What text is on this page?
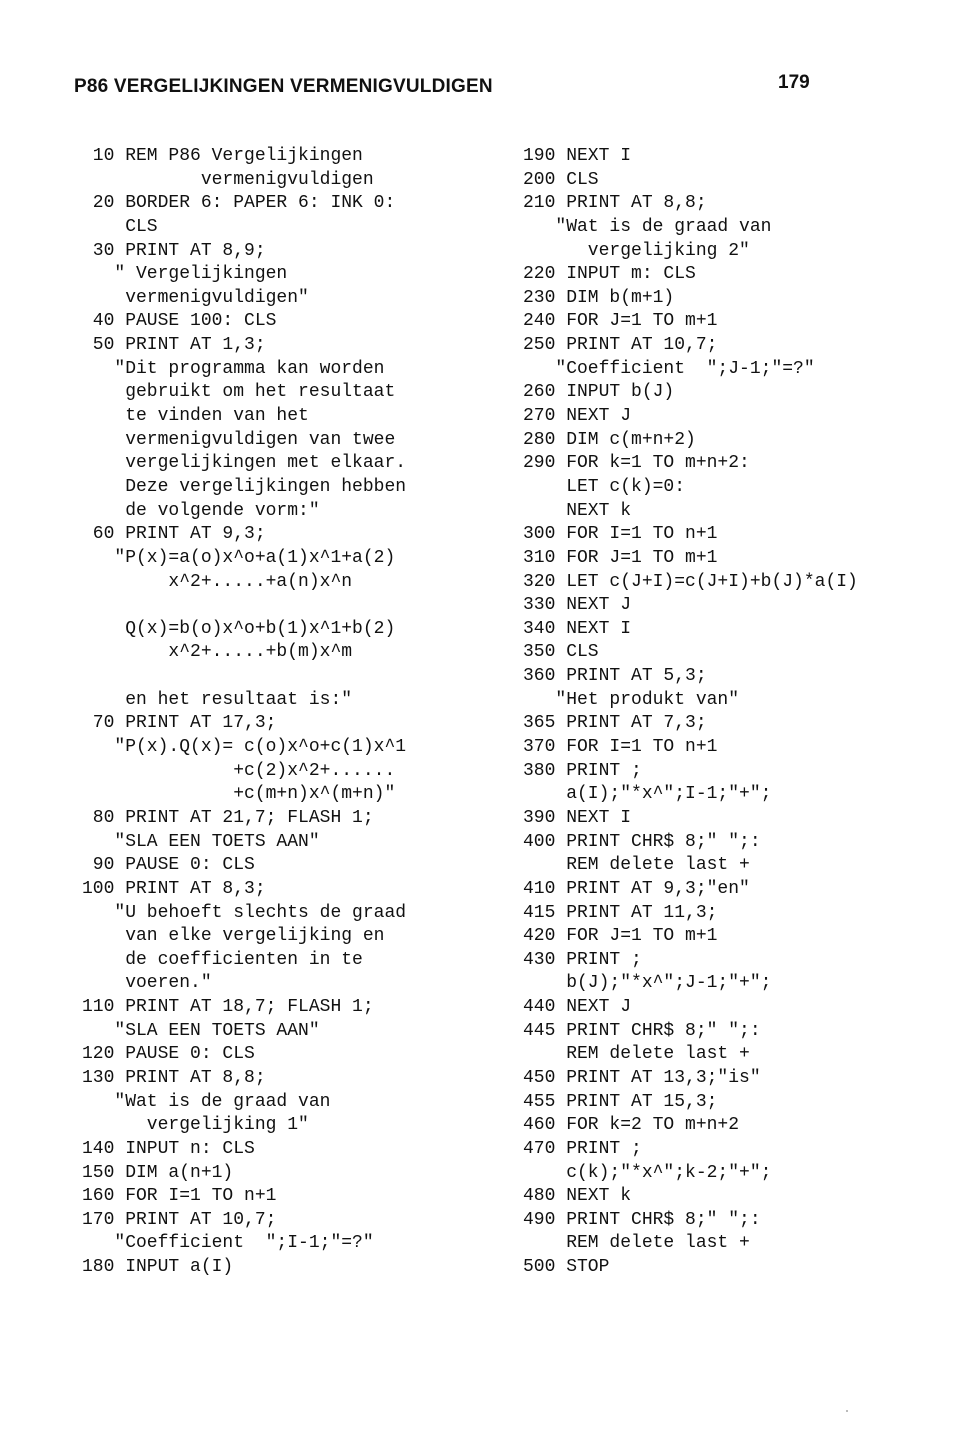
P86 VERGELIJKINGEN VERMENIGVULDIGEN	179
10 REM P86 Vergelijkingen
vermenigvuldigen
20 BORDER 6: PAPER 6: INK 0:
CLS
30 PRINT AT 8,9;
" Vergelijkingen
vermenigvuldigen"
40 PAUSE 100: CLS
50 PRINT AT 1,3;
"Dit programma kan worden
gebruikt om het resultaat
te vinden van het
vermenigvuldigen van twee
vergelijkingen met elkaar.
Deze vergelijkingen hebben
de volgende vorm:"
60 PRINT AT 9,3;
"P(x)=a(o)x^o+a(1)x^1+a(2)
x^2+.....+a(n)x^n
Q(x)=b(o)x^o+b(1)x^1+b(2)
x^2+.....+b(m)x^m
en het resultaat is:"
70 PRINT AT 17,3;
"P(x).Q(x)= c(o)x^o+c(1)x^1
+c(2)x^2+......
+c(m+n)x^(m+n)"
80 PRINT AT 21,7; FLASH 1;
"SLA EEN TOETS AAN"
90 PAUSE 0: CLS
100 PRINT AT 8,3;
"U behoeft slechts de graad
van elke vergelijking en
de coefficienten in te
voeren."
110 PRINT AT 18,7; FLASH 1;
"SLA EEN TOETS AAN"
120 PAUSE 0: CLS
130 PRINT AT 8,8;
"Wat is de graad van
vergelijking 1"
140 INPUT n: CLS
150 DIM a(n+1)
160 FOR I=1 TO n+1
170 PRINT AT 10,7;
"Coefficient  ";I-1;"=?"
180 INPUT a(I)
190 NEXT I
200 CLS
210 PRINT AT 8,8;
"Wat is de graad van
vergelijking 2"
220 INPUT m: CLS
230 DIM b(m+1)
240 FOR J=1 TO m+1
250 PRINT AT 10,7;
"Coefficient  ";J-1;"=?"
260 INPUT b(J)
270 NEXT J
280 DIM c(m+n+2)
290 FOR k=1 TO m+n+2:
LET c(k)=0:
NEXT k
300 FOR I=1 TO n+1
310 FOR J=1 TO m+1
320 LET c(J+I)=c(J+I)+b(J)*a(I)
330 NEXT J
340 NEXT I
350 CLS
360 PRINT AT 5,3;
"Het produkt van"
365 PRINT AT 7,3;
370 FOR I=1 TO n+1
380 PRINT ;
a(I);"*x^";I-1;"+";
390 NEXT I
400 PRINT CHR$ 8;" ";:
REM delete last +
410 PRINT AT 9,3;"en"
415 PRINT AT 11,3;
420 FOR J=1 TO m+1
430 PRINT ;
b(J);"*x^";J-1;"+";
440 NEXT J
445 PRINT CHR$ 8;" ";:
REM delete last +
450 PRINT AT 13,3;"is"
455 PRINT AT 15,3;
460 FOR k=2 TO m+n+2
470 PRINT ;
c(k);"*x^";k-2;"+";
480 NEXT k
490 PRINT CHR$ 8;" ";:
REM delete last +
500 STOP
